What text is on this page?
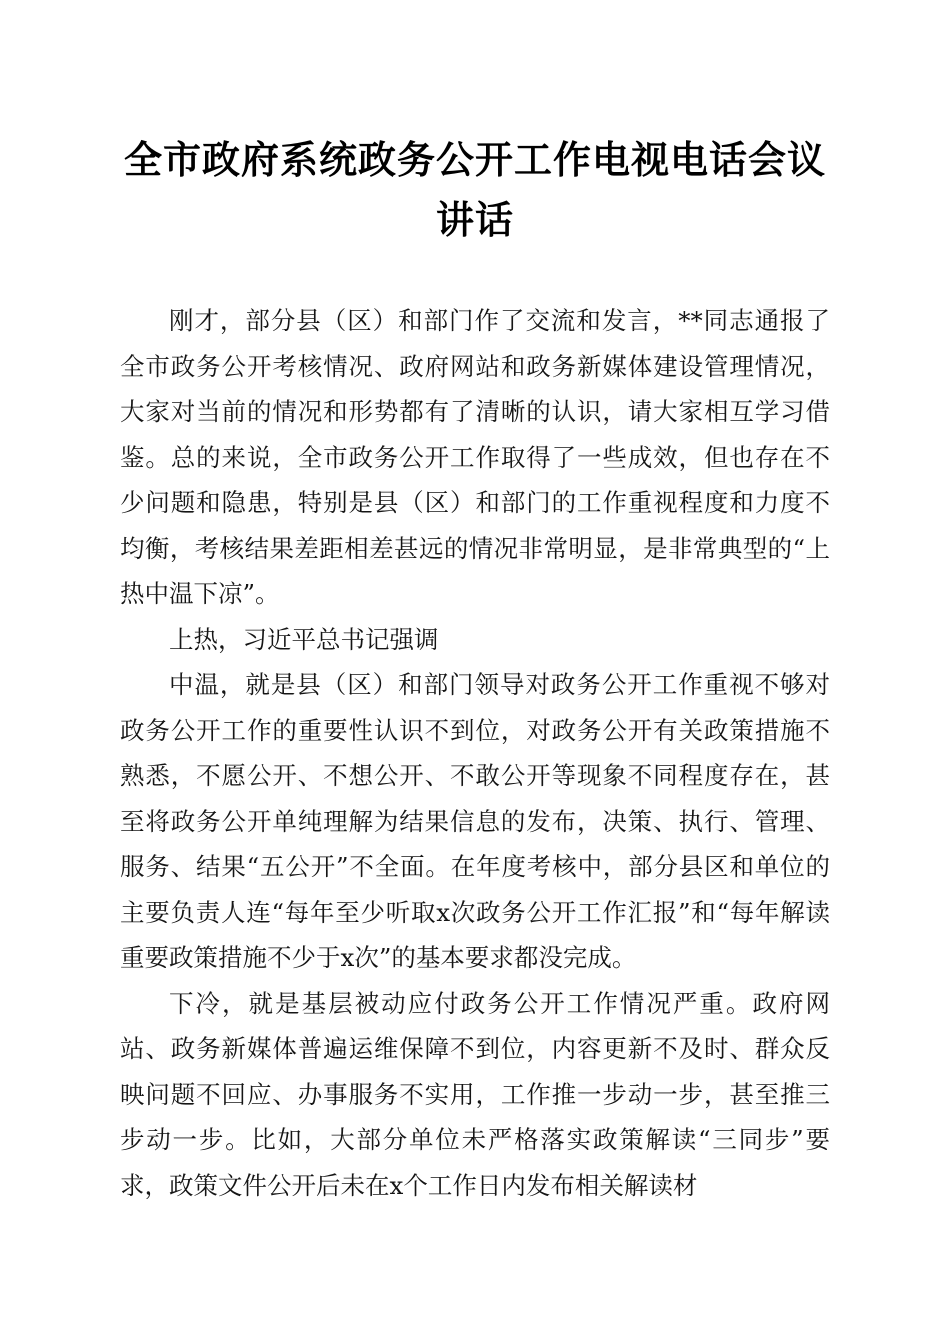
全市政府系统政务公开工作电视电话会议讲话

刚才，部分县（区）和部门作了交流和发言，**同志通报了全市政务公开考核情况、政府网站和政务新媒体建设管理情况，大家对当前的情况和形势都有了清晰的认识，请大家相互学习借鉴。总的来说，全市政务公开工作取得了一些成效，但也存在不少问题和隐患，特别是县（区）和部门的工作重视程度和力度不均衡，考核结果差距相差甚远的情况非常明显，是非常典型的“上热中温下凉”。

上热，习近平总书记强调

中温，就是县（区）和部门领导对政务公开工作重视不够对政务公开工作的重要性认识不到位，对政务公开有关政策措施不熟悉，不愿公开、不想公开、不敢公开等现象不同程度存在，甚至将政务公开单纯理解为结果信息的发布，决策、执行、管理、服务、结果“五公开”不全面。在年度考核中，部分县区和单位的主要负责人连“每年至少听取x次政务公开工作汇报”和“每年解读重要政策措施不少于x次”的基本要求都没完成。

下冷，就是基层被动应付政务公开工作情况严重。政府网站、政务新媒体普遍运维保障不到位，内容更新不及时、群众反映问题不回应、办事服务不实用，工作推一步动一步，甚至推三步动一步。比如，大部分单位未严格落实政策解读“三同步”要求，政策文件公开后未在x个工作日内发布相关解读材
